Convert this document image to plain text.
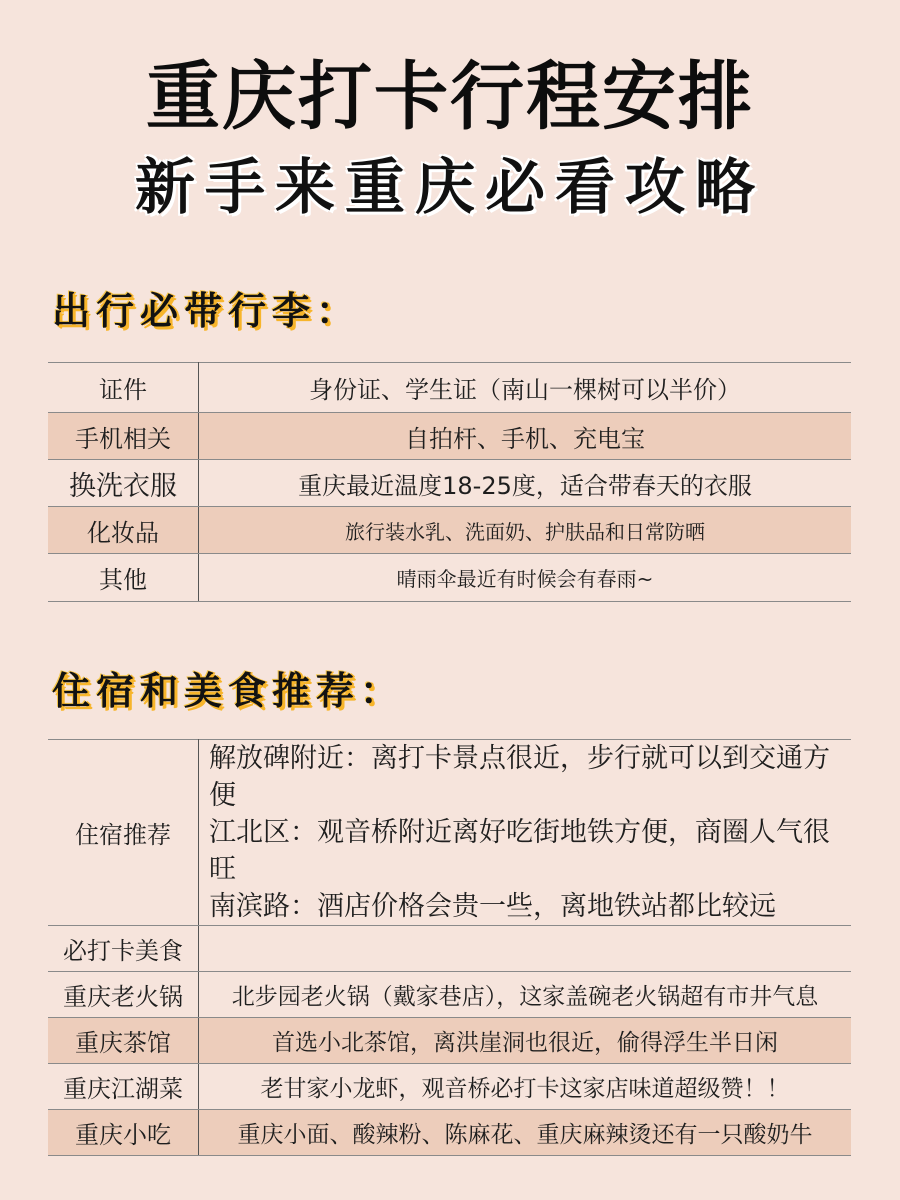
重庆打卡行程安排
新手来重庆必看攻略
出行必带行李：
证件	身份证、学生证（南山一棵树可以半价）
手机相关	自拍杆、手机、充电宝
换洗衣服	重庆最近温度18-25度，适合带春天的衣服
化妆品	旅行装水乳、洗面奶、护肤品和日常防晒
其他	晴雨伞最近有时候会有春雨~
住宿和美食推荐：
住宿推荐	解放碑附近：离打卡景点很近，步行就可以到交通方便
江北区：观音桥附近离好吃街地铁方便，商圈人气很旺
南滨路：酒店价格会贵一些，离地铁站都比较远

必打卡美食	
重庆老火锅	北步园老火锅（戴家巷店），这家盖碗老火锅超有市井气息
重庆茶馆	首选小北茶馆，离洪崖洞也很近，偷得浮生半日闲
重庆江湖菜	老甘家小龙虾，观音桥必打卡这家店味道超级赞！！
重庆小吃	重庆小面、酸辣粉、陈麻花、重庆麻辣烫还有一只酸奶牛
